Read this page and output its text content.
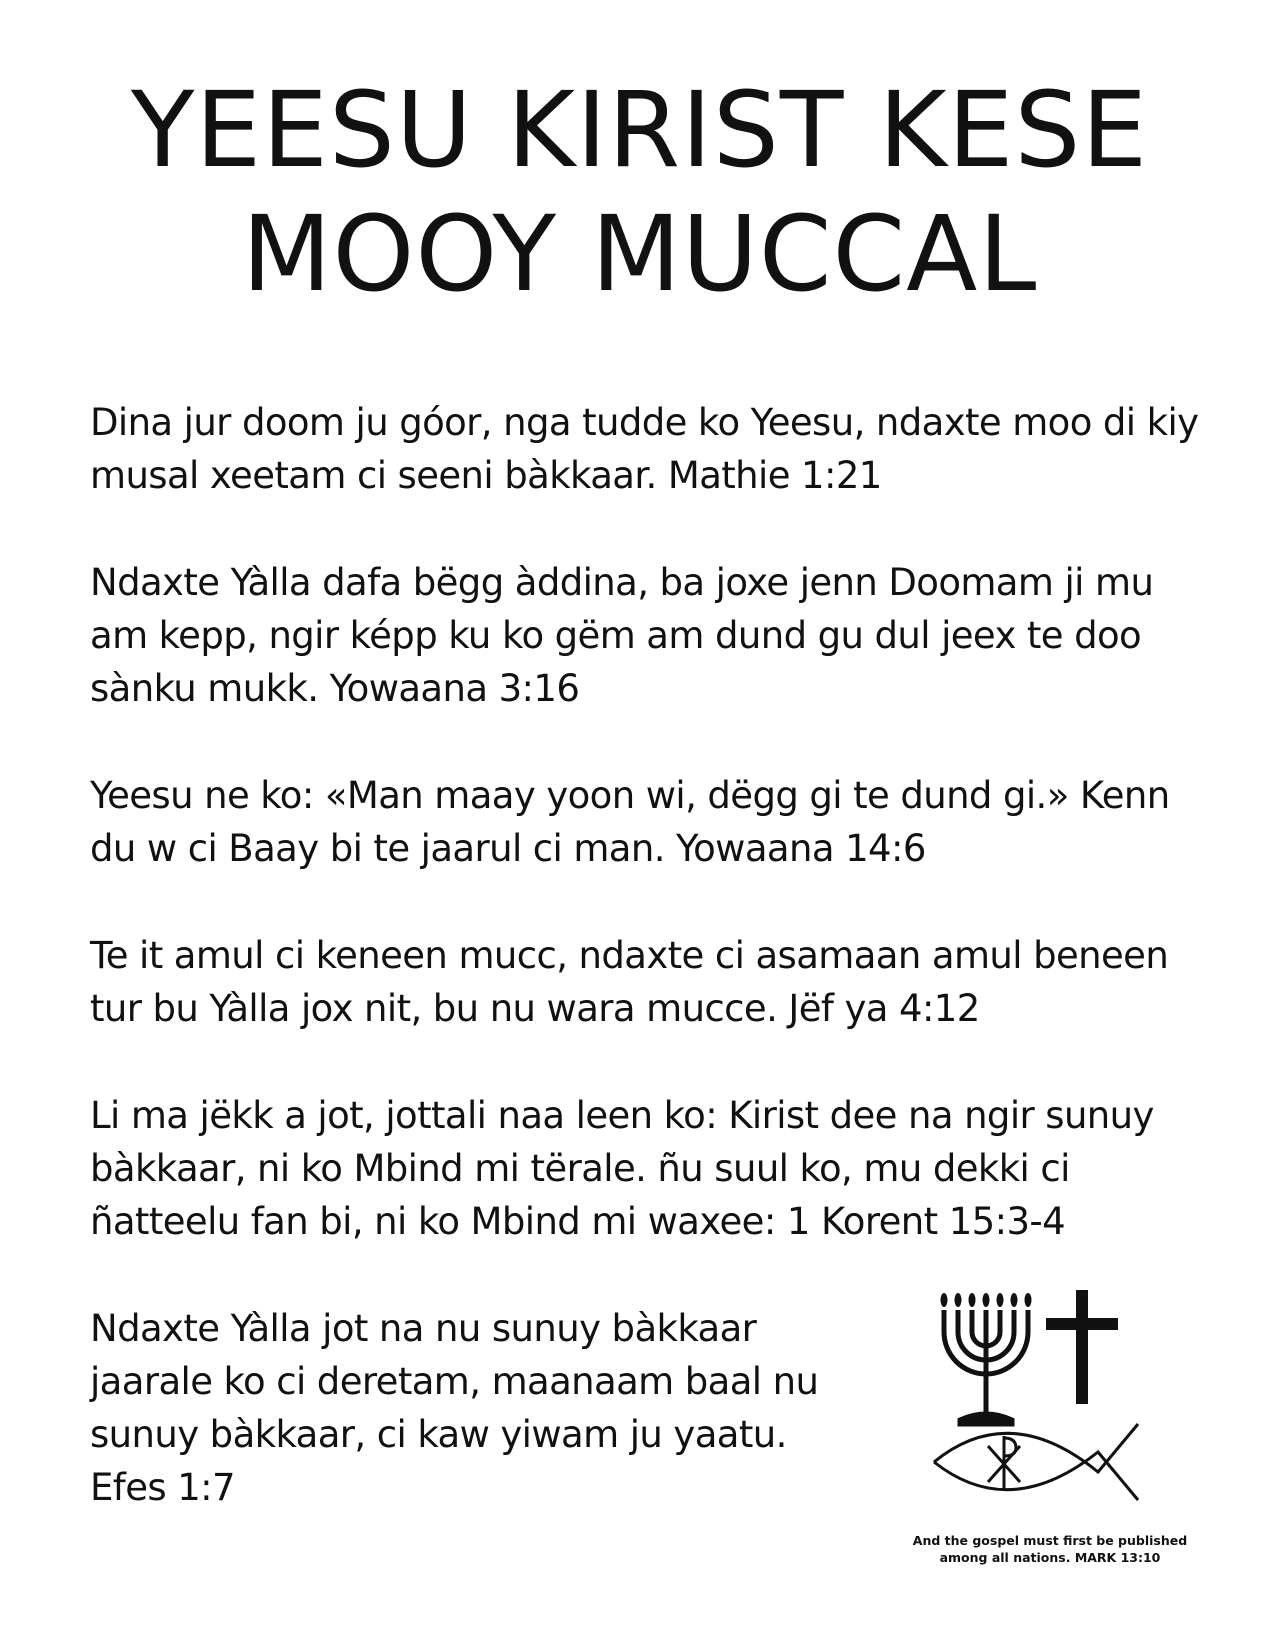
YEESU KIRIST KESE
MOOY MUCCAL

Dina jur doom ju góor, nga tudde ko Yeesu, ndaxte moo di kiy musal xeetam ci seeni bàkkaar. Mathie 1:21

Ndaxte Yàlla dafa bëgg àddina, ba joxe jenn Doomam ji mu am kepp, ngir képp ku ko gëm am dund gu dul jeex te doo sànku mukk. Yowaana 3:16

Yeesu ne ko: «Man maay yoon wi, dëgg gi te dund gi.» Kenn du w ci Baay bi te jaarul ci man. Yowaana 14:6

Te it amul ci keneen mucc, ndaxte ci asamaan amul beneen tur bu Yàlla jox nit, bu nu wara mucce. Jëf ya 4:12

Li ma jëkk a jot, jottali naa leen ko: Kirist dee na ngir sunuy bàkkaar, ni ko Mbind mi tërale. ñu suul ko, mu dekki ci ñatteelu fan bi, ni ko Mbind mi waxee: 1 Korent 15:3-4

Ndaxte Yàlla jot na nu sunuy bàkkaar jaarale ko ci deretam, maanaam baal nu sunuy bàkkaar, ci kaw yiwam ju yaatu. Efes 1:7

And the gospel must first be published
among all nations. MARK 13:10
